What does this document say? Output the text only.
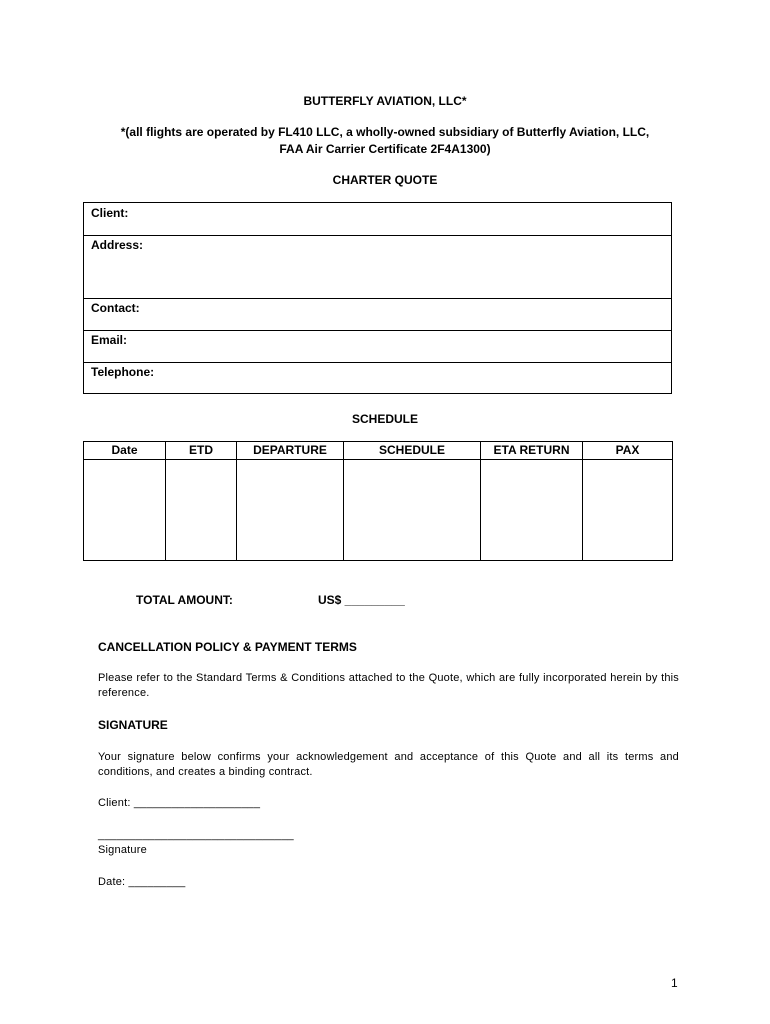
BUTTERFLY AVIATION, LLC*
*(all flights are operated by FL410 LLC, a wholly-owned subsidiary of Butterfly Aviation, LLC,
FAA Air Carrier Certificate 2F4A1300)
CHARTER QUOTE
Client:
Address:
Contact:
Email:
Telephone:
SCHEDULE
Date	ETD	DEPARTURE	SCHEDULE	ETA RETURN	PAX

TOTAL AMOUNT:	US$ _________
CANCELLATION POLICY & PAYMENT TERMS
Please refer to the Standard Terms & Conditions attached to the Quote, which are fully incorporated herein by this reference.
SIGNATURE
Your signature below confirms your acknowledgement and acceptance of this Quote and all its terms and conditions, and creates a binding contract.
Client: ____________________
_______________________________
Signature
Date: _________
1
